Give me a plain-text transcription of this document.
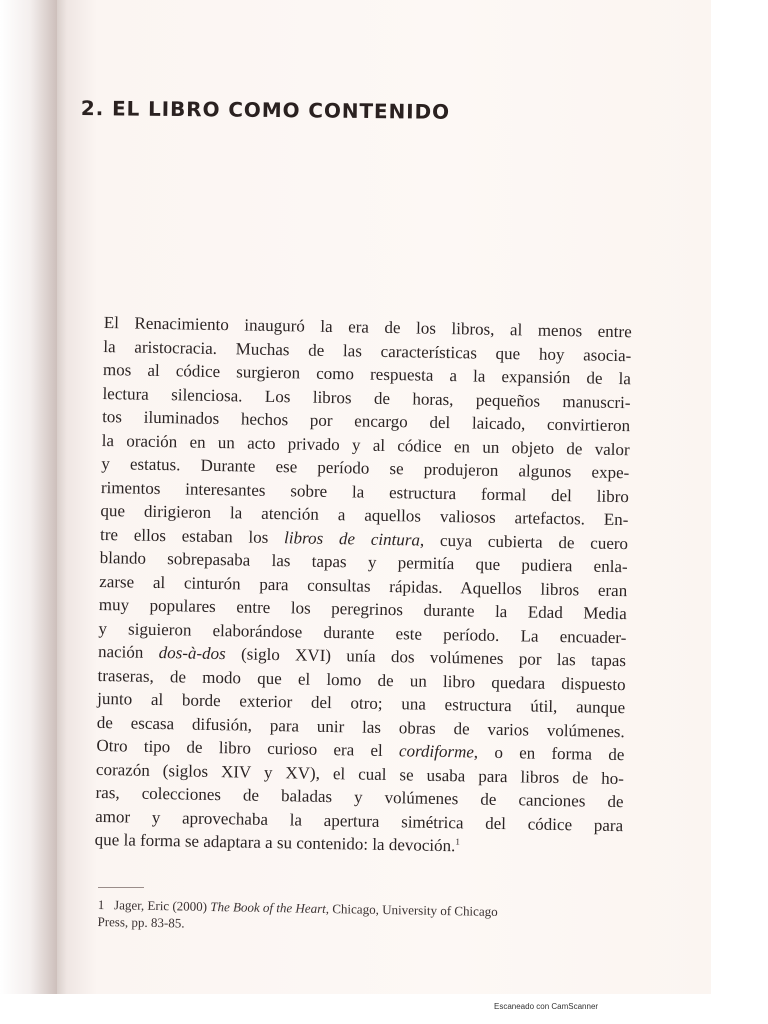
2. EL LIBRO COMO CONTENIDO
El Renacimiento inauguró la era de los libros, al menos entre
la aristocracia. Muchas de las características que hoy asocia-
mos al códice surgieron como respuesta a la expansión de la
lectura silenciosa. Los libros de horas, pequeños manuscri-
tos iluminados hechos por encargo del laicado, convirtieron
la oración en un acto privado y al códice en un objeto de valor
y estatus. Durante ese período se produjeron algunos expe-
rimentos interesantes sobre la estructura formal del libro
que dirigieron la atención a aquellos valiosos artefactos. En-
tre ellos estaban los libros de cintura, cuya cubierta de cuero
blando sobrepasaba las tapas y permitía que pudiera enla-
zarse al cinturón para consultas rápidas. Aquellos libros eran
muy populares entre los peregrinos durante la Edad Media
y siguieron elaborándose durante este período. La encuader-
nación dos-à-dos (siglo XVI) unía dos volúmenes por las tapas
traseras, de modo que el lomo de un libro quedara dispuesto
junto al borde exterior del otro; una estructura útil, aunque
de escasa difusión, para unir las obras de varios volúmenes.
Otro tipo de libro curioso era el cordiforme, o en forma de
corazón (siglos XIV y XV), el cual se usaba para libros de ho-
ras, colecciones de baladas y volúmenes de canciones de
amor y aprovechaba la apertura simétrica del códice para
que la forma se adaptara a su contenido: la devoción.$^1$
1 Jager, Eric (2000) The Book of the Heart, Chicago, University of Chicago
Press, pp. 83-85.
Escaneado con CamScanner
